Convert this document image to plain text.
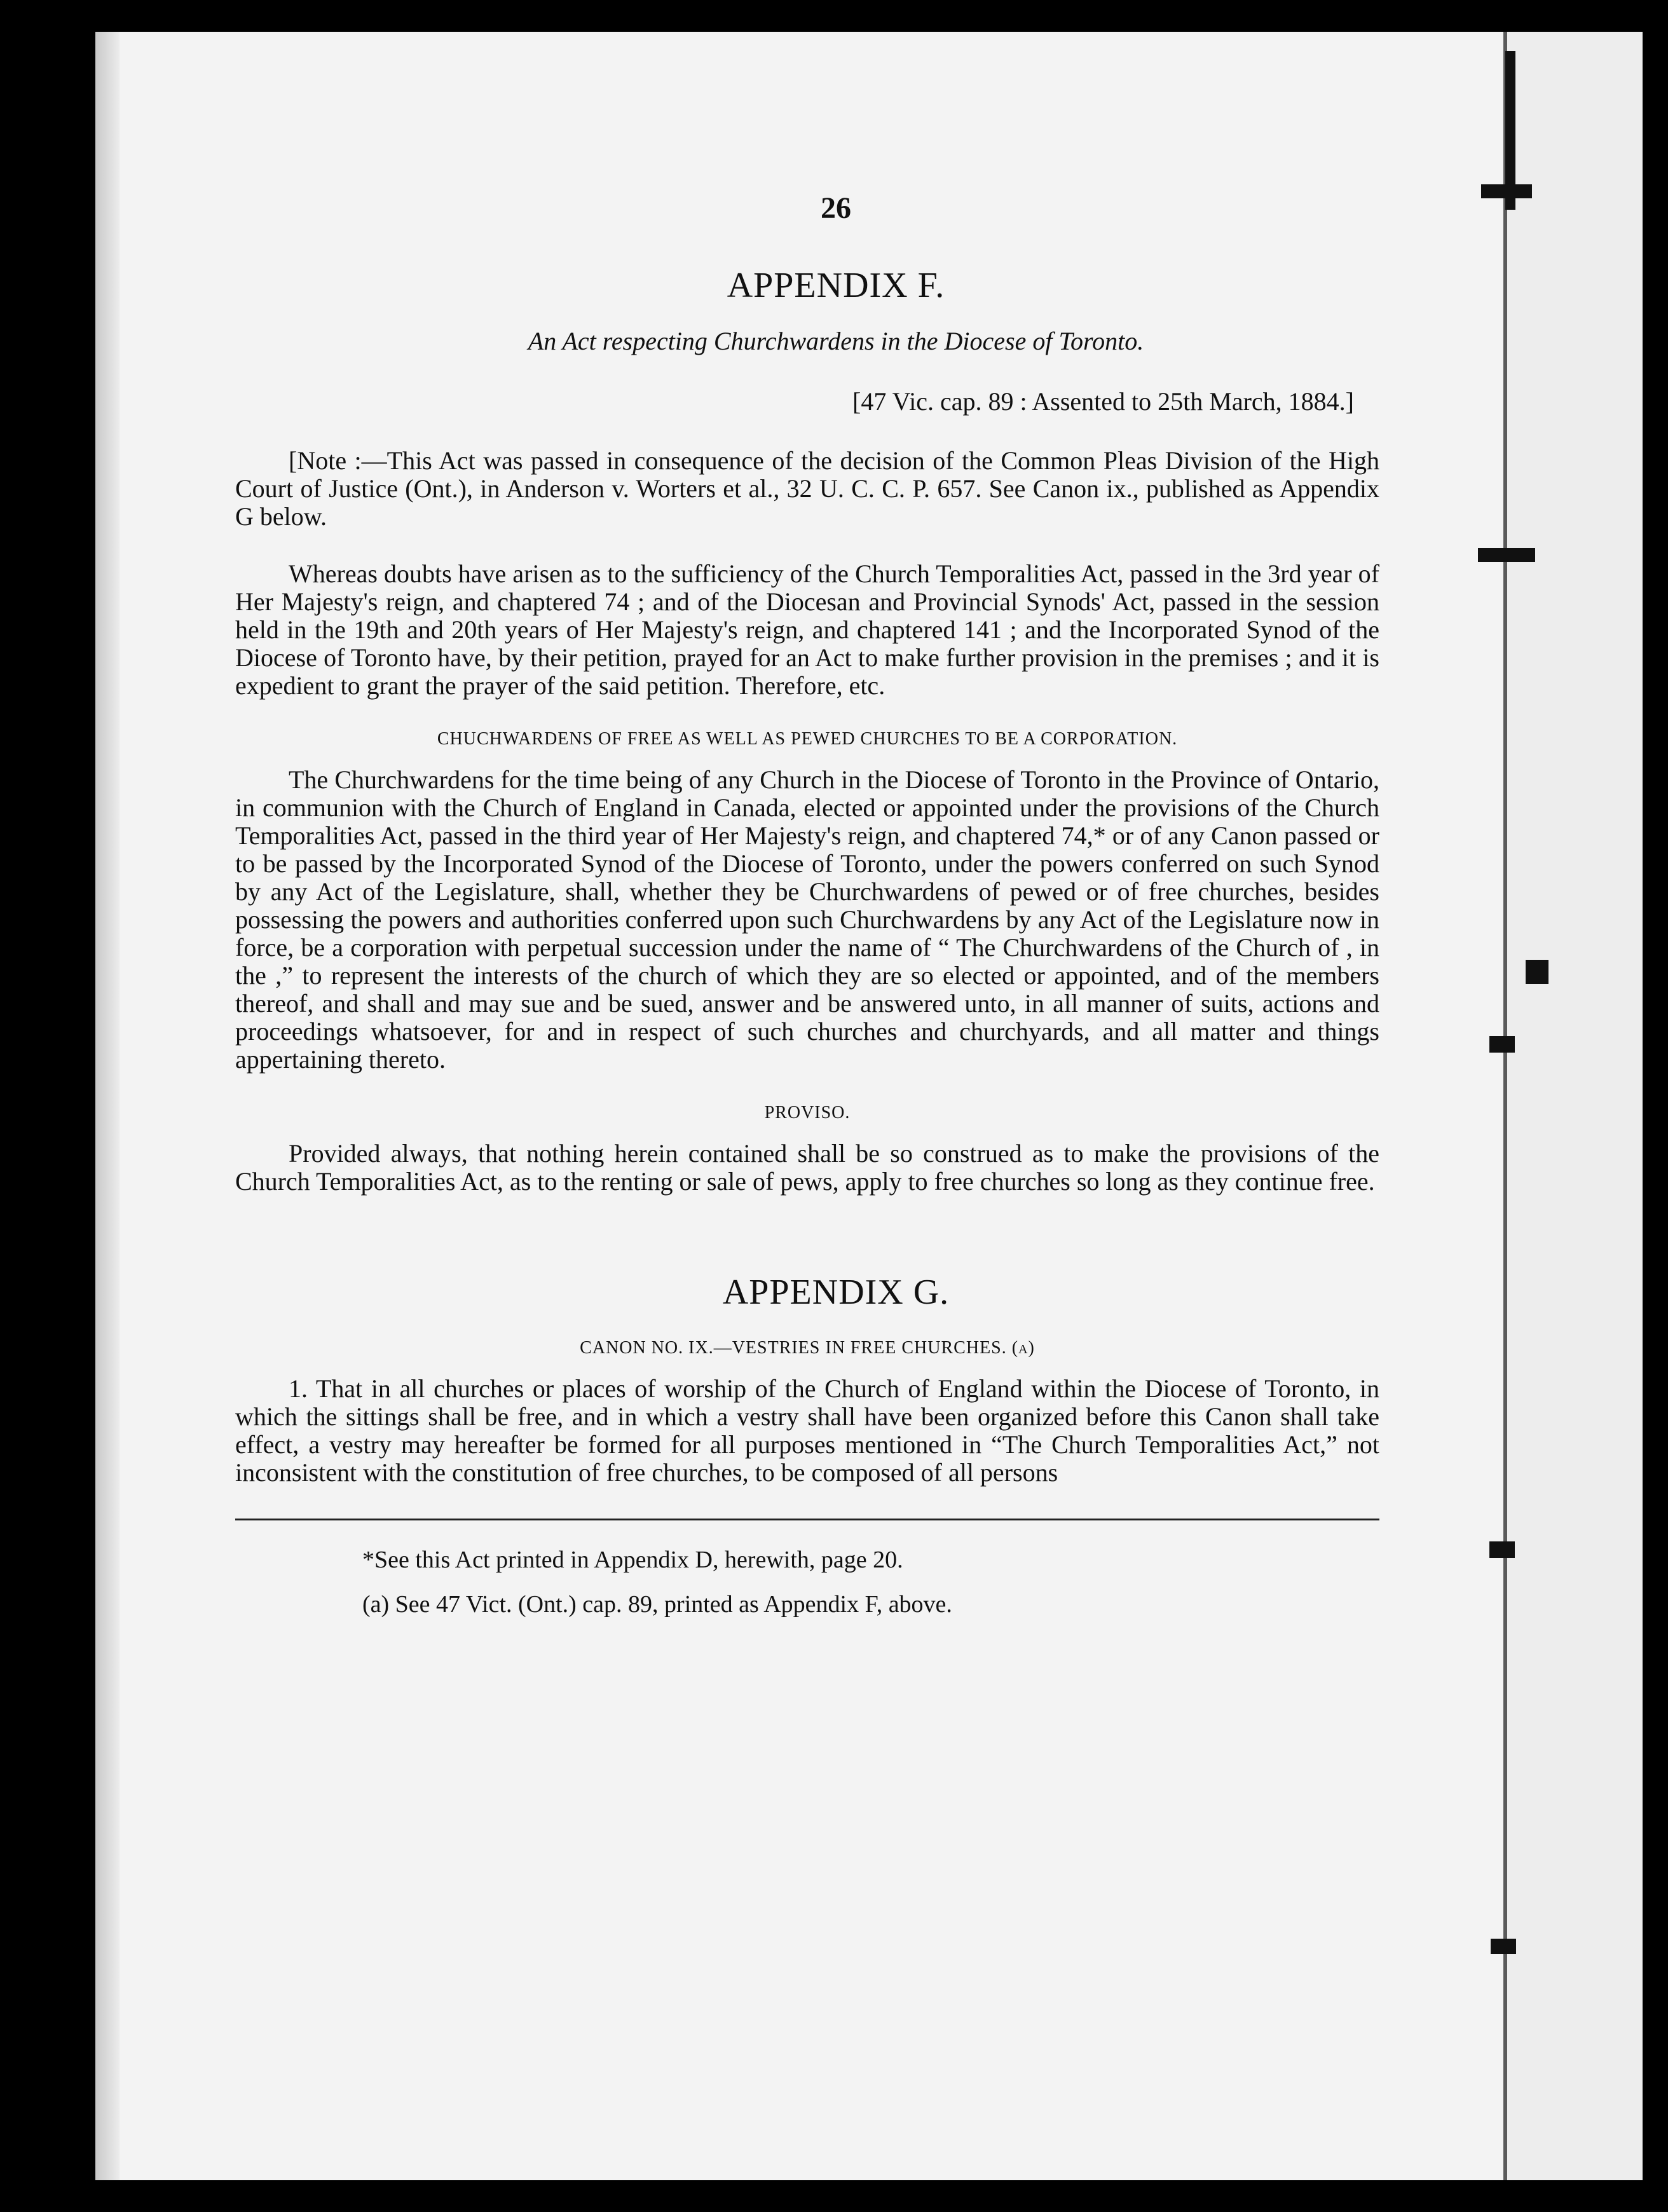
26
APPENDIX F.
An Act respecting Churchwardens in the Diocese of Toronto.
[47 Vic. cap. 89 : Assented to 25th March, 1884.]

[Note :—This Act was passed in consequence of the decision of the Common Pleas Division of the High Court of Justice (Ont.), in Anderson v. Worters et al., 32 U. C. C. P. 657. See Canon ix., published as Appendix G below.

Whereas doubts have arisen as to the sufficiency of the Church Temporalities Act, passed in the 3rd year of Her Majesty's reign, and chaptered 74 ; and of the Diocesan and Provincial Synods' Act, passed in the session held in the 19th and 20th years of Her Majesty's reign, and chaptered 141 ; and the Incorporated Synod of the Diocese of Toronto have, by their petition, prayed for an Act to make further provision in the premises ; and it is expedient to grant the prayer of the said petition. Therefore, etc.

CHUCHWARDENS OF FREE AS WELL AS PEWED CHURCHES TO BE A CORPORATION.

The Churchwardens for the time being of any Church in the Diocese of Toronto in the Province of Ontario, in communion with the Church of England in Canada, elected or appointed under the provisions of the Church Temporalities Act, passed in the third year of Her Majesty's reign, and chaptered 74,* or of any Canon passed or to be passed by the Incorporated Synod of the Diocese of Toronto, under the powers conferred on such Synod by any Act of the Legislature, shall, whether they be Churchwardens of pewed or of free churches, besides possessing the powers and authorities conferred upon such Churchwardens by any Act of the Legislature now in force, be a corporation with perpetual succession under the name of “ The Churchwardens of the Church of , in the ,” to represent the interests of the church of which they are so elected or appointed, and of the members thereof, and shall and may sue and be sued, answer and be answered unto, in all manner of suits, actions and proceedings whatsoever, for and in respect of such churches and churchyards, and all matter and things appertaining thereto.

PROVISO.

Provided always, that nothing herein contained shall be so construed as to make the provisions of the Church Temporalities Act, as to the renting or sale of pews, apply to free churches so long as they continue free.

APPENDIX G.
CANON NO. IX.—VESTRIES IN FREE CHURCHES. (a)

1. That in all churches or places of worship of the Church of England within the Diocese of Toronto, in which the sittings shall be free, and in which a vestry shall have been organized before this Canon shall take effect, a vestry may hereafter be formed for all purposes mentioned in “The Church Temporalities Act,” not inconsistent with the constitution of free churches, to be composed of all persons

*See this Act printed in Appendix D, herewith, page 20.
(a) See 47 Vict. (Ont.) cap. 89, printed as Appendix F, above.
